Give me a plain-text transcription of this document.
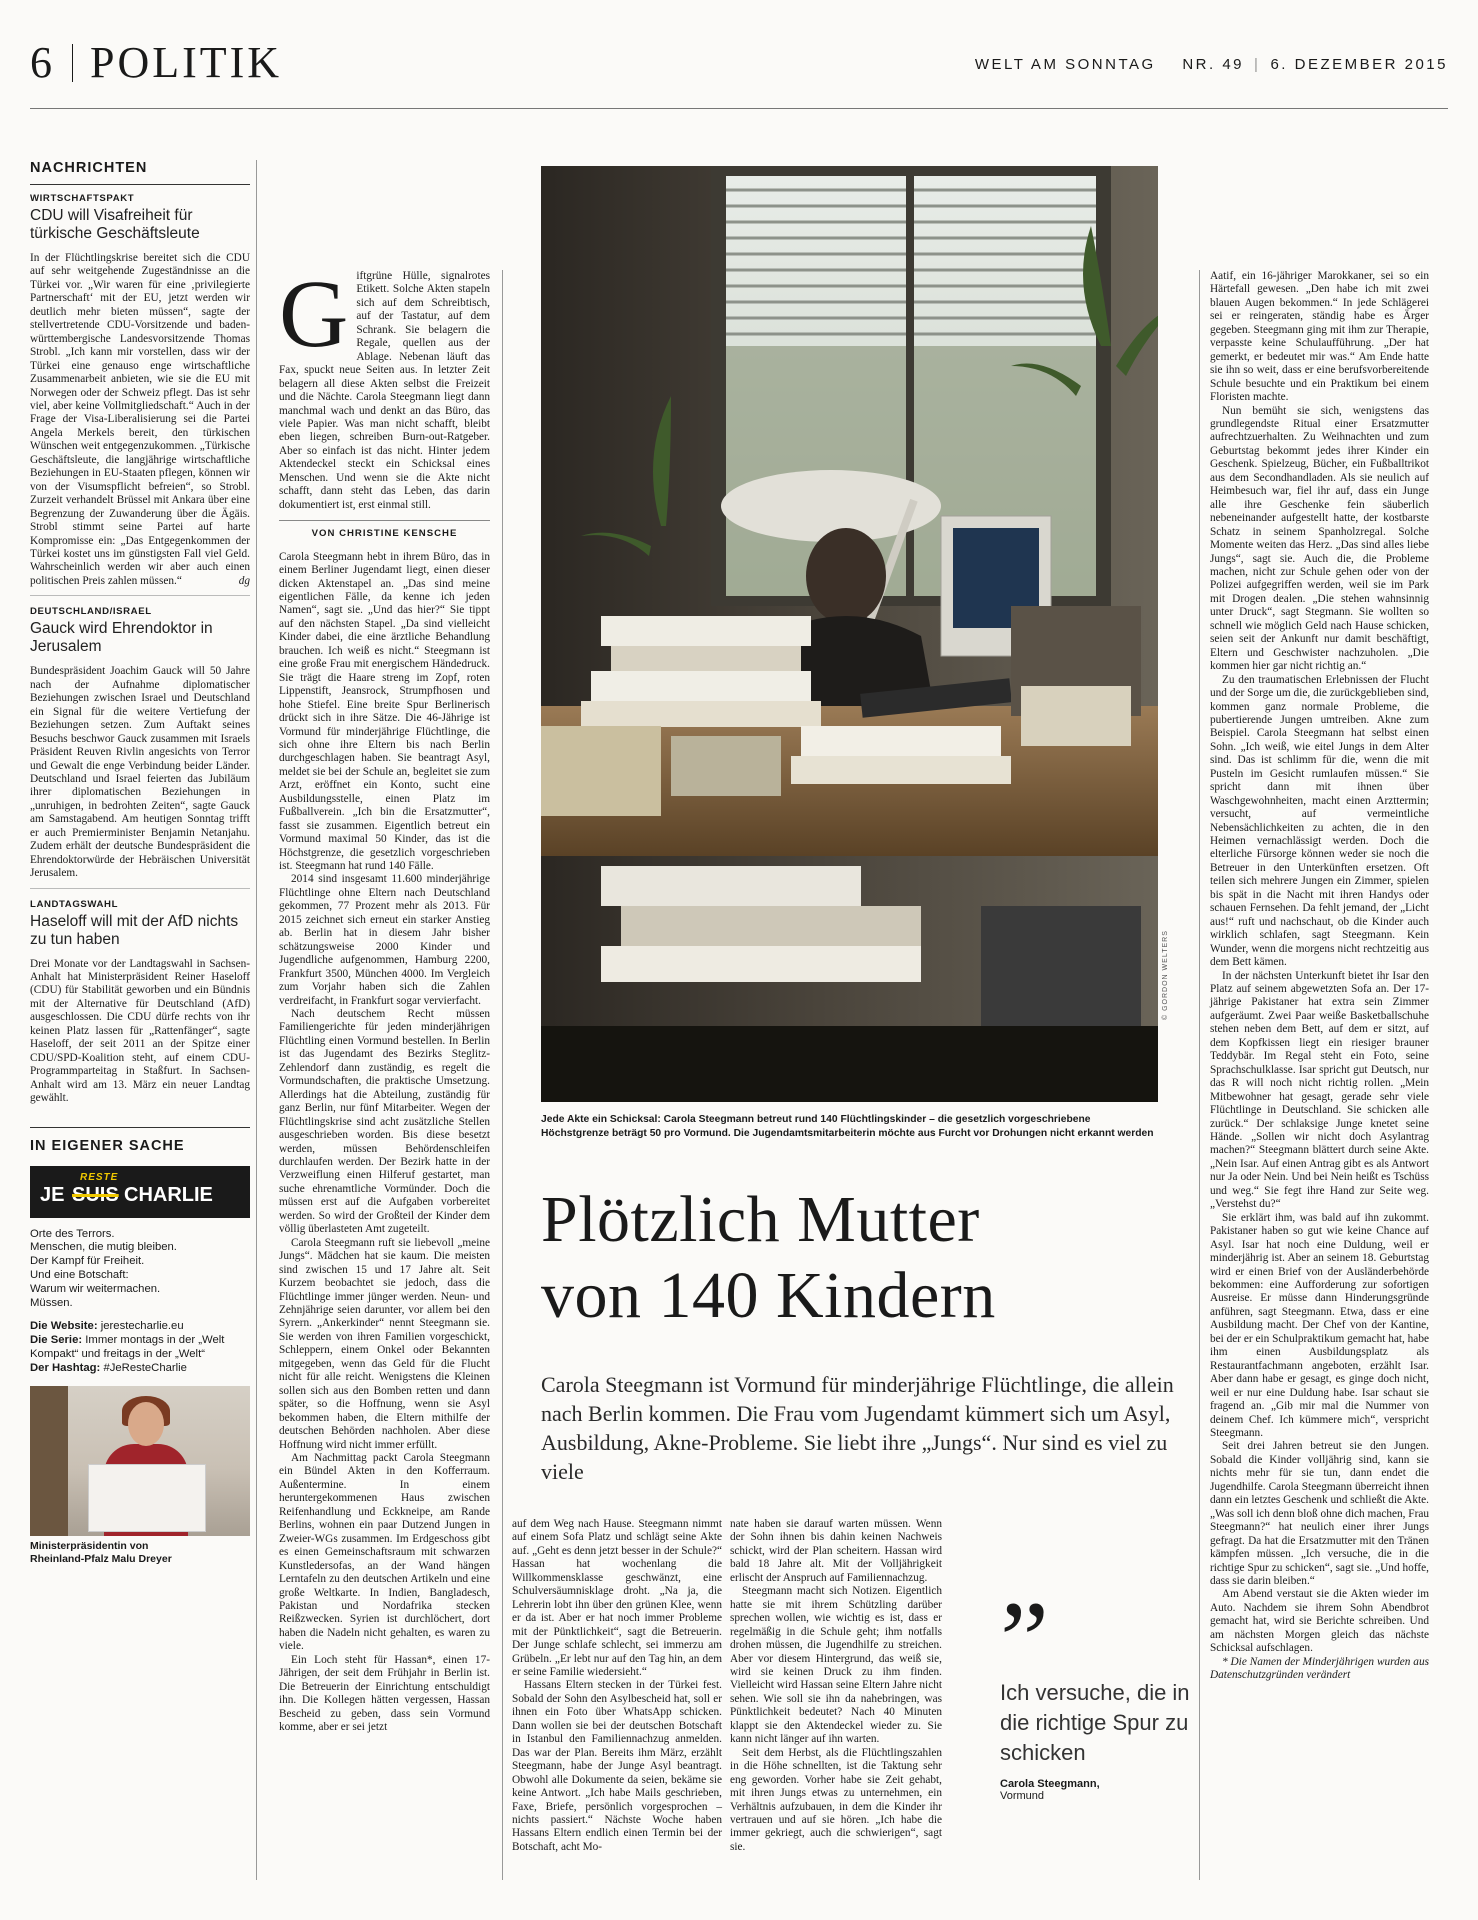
6 POLITIK	WELT AM SONNTAG NR. 49 | 6. DEZEMBER 2015
NACHRICHTEN
WIRTSCHAFTSPAKT
CDU will Visafreiheit für türkische Geschäftsleute

In der Flüchtlingskrise bereitet sich die CDU auf sehr weitgehende Zugeständnisse an die Türkei vor. „Wir waren für eine ‚privilegierte Partnerschaft‘ mit der EU, jetzt werden wir deutlich mehr bieten müssen“, sagte der stellvertretende CDU-Vorsitzende und baden-württembergische Landesvorsitzende Thomas Strobl. „Ich kann mir vorstellen, dass wir der Türkei eine genauso enge wirtschaftliche Zusammenarbeit anbieten, wie sie die EU mit Norwegen oder der Schweiz pflegt. Das ist sehr viel, aber keine Vollmitgliedschaft.“ Auch in der Frage der Visa-Liberalisierung sei die Partei Angela Merkels bereit, den türkischen Wünschen weit entgegenzukommen. „Türkische Geschäftsleute, die langjährige wirtschaftliche Beziehungen in EU-Staaten pflegen, können wir von der Visumspflicht befreien“, so Strobl. Zurzeit verhandelt Brüssel mit Ankara über eine Begrenzung der Zuwanderung über die Ägäis. Strobl stimmt seine Partei auf harte Kompromisse ein: „Das Entgegenkommen der Türkei kostet uns im günstigsten Fall viel Geld. Wahrscheinlich werden wir aber auch einen politischen Preis zahlen müssen.“	dg

DEUTSCHLAND/ISRAEL
Gauck wird Ehrendoktor in Jerusalem

Bundespräsident Joachim Gauck will 50 Jahre nach der Aufnahme diplomatischer Beziehungen zwischen Israel und Deutschland ein Signal für die weitere Vertiefung der Beziehungen setzen. Zum Auftakt seines Besuchs beschwor Gauck zusammen mit Israels Präsident Reuven Rivlin angesichts von Terror und Gewalt die enge Verbindung beider Länder. Deutschland und Israel feierten das Jubiläum ihrer diplomatischen Beziehungen in „unruhigen, in bedrohten Zeiten“, sagte Gauck am Samstagabend. Am heutigen Sonntag trifft er auch Premierminister Benjamin Netanjahu. Zudem erhält der deutsche Bundespräsident die Ehrendoktorwürde der Hebräischen Universität Jerusalem.

LANDTAGSWAHL
Haseloff will mit der AfD nichts zu tun haben

Drei Monate vor der Landtagswahl in Sachsen-Anhalt hat Ministerpräsident Reiner Haseloff (CDU) für Stabilität geworben und ein Bündnis mit der Alternative für Deutschland (AfD) ausgeschlossen. Die CDU dürfe rechts von ihr keinen Platz lassen für „Rattenfänger“, sagte Haseloff, der seit 2011 an der Spitze einer CDU/SPD-Koalition steht, auf einem CDU-Programmparteitag in Staßfurt. In Sachsen-Anhalt wird am 13. März ein neuer Landtag gewählt.

IN EIGENER SACHE
JE
RESTE
SUIS CHARLIE
Orte des Terrors.
Menschen, die mutig bleiben.
Der Kampf für Freiheit.
Und eine Botschaft:
Warum wir weitermachen.
Müssen.
Die Website: jerestecharlie.eu
Die Serie: Immer montags in der „Welt Kompakt“ und freitags in der „Welt“
Der Hashtag: #JeResteCharlie
Ministerpräsidentin von
Rheinland-Pfalz Malu Dreyer
G iftgrüne Hülle, signalrotes Etikett. Solche Akten stapeln sich auf dem Schreibtisch, auf der Tastatur, auf dem Schrank. Sie belagern die Regale, quellen aus der Ablage. Nebenan läuft das Fax, spuckt neue Seiten aus. In letzter Zeit belagern all diese Akten selbst die Freizeit und die Nächte. Carola Steegmann liegt dann manchmal wach und denkt an das Büro, das viele Papier. Was man nicht schafft, bleibt eben liegen, schreiben Burn-out-Ratgeber. Aber so einfach ist das nicht. Hinter jedem Aktendeckel steckt ein Schicksal eines Menschen. Und wenn sie die Akte nicht schafft, dann steht das Leben, das darin dokumentiert ist, erst einmal still.
VON CHRISTINE KENSCHE

Carola Steegmann hebt in ihrem Büro, das in einem Berliner Jugendamt liegt, einen dieser dicken Aktenstapel an. „Das sind meine eigentlichen Fälle, da kenne ich jeden Namen“, sagt sie. „Und das hier?“ Sie tippt auf den nächsten Stapel. „Da sind vielleicht Kinder dabei, die eine ärztliche Behandlung brauchen. Ich weiß es nicht.“ Steegmann ist eine große Frau mit energischem Händedruck. Sie trägt die Haare streng im Zopf, roten Lippenstift, Jeansrock, Strumpfhosen und hohe Stiefel. Eine breite Spur Berlinerisch drückt sich in ihre Sätze. Die 46-Jährige ist Vormund für minderjährige Flüchtlinge, die sich ohne ihre Eltern bis nach Berlin durchgeschlagen haben. Sie beantragt Asyl, meldet sie bei der Schule an, begleitet sie zum Arzt, eröffnet ein Konto, sucht eine Ausbildungsstelle, einen Platz im Fußballverein. „Ich bin die Ersatzmutter“, fasst sie zusammen. Eigentlich betreut ein Vormund maximal 50 Kinder, das ist die Höchstgrenze, die gesetzlich vorgeschrieben ist. Steegmann hat rund 140 Fälle.

2014 sind insgesamt 11.600 minderjährige Flüchtlinge ohne Eltern nach Deutschland gekommen, 77 Prozent mehr als 2013. Für 2015 zeichnet sich erneut ein starker Anstieg ab. Berlin hat in diesem Jahr bisher schätzungsweise 2000 Kinder und Jugendliche aufgenommen, Hamburg 2200, Frankfurt 3500, München 4000. Im Vergleich zum Vorjahr haben sich die Zahlen verdreifacht, in Frankfurt sogar vervierfacht.

Nach deutschem Recht müssen Familiengerichte für jeden minderjährigen Flüchtling einen Vormund bestellen. In Berlin ist das Jugendamt des Bezirks Steglitz-Zehlendorf dann zuständig, es regelt die Vormundschaften, die praktische Umsetzung. Allerdings hat die Abteilung, zuständig für ganz Berlin, nur fünf Mitarbeiter. Wegen der Flüchtlingskrise sind acht zusätzliche Stellen ausgeschrieben worden. Bis diese besetzt werden, müssen Behördenschleifen durchlaufen werden. Der Bezirk hatte in der Verzweiflung einen Hilferuf gestartet, man suche ehrenamtliche Vormünder. Doch die müssen erst auf die Aufgaben vorbereitet werden. So wird der Großteil der Kinder dem völlig überlasteten Amt zugeteilt.

Carola Steegmann ruft sie liebevoll „meine Jungs“. Mädchen hat sie kaum. Die meisten sind zwischen 15 und 17 Jahre alt. Seit Kurzem beobachtet sie jedoch, dass die Flüchtlinge immer jünger werden. Neun- und Zehnjährige seien darunter, vor allem bei den Syrern. „Ankerkinder“ nennt Steegmann sie. Sie werden von ihren Familien vorgeschickt, Schleppern, einem Onkel oder Bekannten mitgegeben, wenn das Geld für die Flucht nicht für alle reicht. Wenigstens die Kleinen sollen sich aus den Bomben retten und dann später, so die Hoffnung, wenn sie Asyl bekommen haben, die Eltern mithilfe der deutschen Behörden nachholen. Aber diese Hoffnung wird nicht immer erfüllt.

Am Nachmittag packt Carola Steegmann ein Bündel Akten in den Kofferraum. Außentermine. In einem heruntergekommenen Haus zwischen Reifenhandlung und Eckkneipe, am Rande Berlins, wohnen ein paar Dutzend Jungen in Zweier-WGs zusammen. Im Erdgeschoss gibt es einen Gemeinschaftsraum mit schwarzen Kunstledersofas, an der Wand hängen Lerntafeln zu den deutschen Artikeln und eine große Weltkarte. In Indien, Bangladesch, Pakistan und Nordafrika stecken Reißzwecken. Syrien ist durchlöchert, dort haben die Nadeln nicht gehalten, es waren zu viele.

Ein Loch steht für Hassan*, einen 17-Jährigen, der seit dem Frühjahr in Berlin ist. Die Betreuerin der Einrichtung entschuldigt ihn. Die Kollegen hätten vergessen, Hassan Bescheid zu geben, dass sein Vormund komme, aber er sei jetzt

© GORDON WELTERS
Jede Akte ein Schicksal: Carola Steegmann betreut rund 140 Flüchtlingskinder – die gesetzlich vorgeschriebene Höchstgrenze beträgt 50 pro Vormund. Die Jugendamtsmitarbeiterin möchte aus Furcht vor Drohungen nicht erkannt werden
Plötzlich Mutter
von 140 Kindern
Carola Steegmann ist Vormund für minderjährige Flüchtlinge, die allein nach Berlin kommen. Die Frau vom Jugendamt kümmert sich um Asyl, Ausbildung, Akne-Probleme. Sie liebt ihre „Jungs“. Nur sind es viel zu viele

auf dem Weg nach Hause. Steegmann nimmt auf einem Sofa Platz und schlägt seine Akte auf. „Geht es denn jetzt besser in der Schule?“ Hassan hat wochenlang die Willkommensklasse geschwänzt, eine Schulversäumnisklage droht. „Na ja, die Lehrerin lobt ihn über den grünen Klee, wenn er da ist. Aber er hat noch immer Probleme mit der Pünktlichkeit“, sagt die Betreuerin. Der Junge schlafe schlecht, sei immerzu am Grübeln. „Er lebt nur auf den Tag hin, an dem er seine Familie wiedersieht.“

Hassans Eltern stecken in der Türkei fest. Sobald der Sohn den Asylbescheid hat, soll er ihnen ein Foto über WhatsApp schicken. Dann wollen sie bei der deutschen Botschaft in Istanbul den Familiennachzug anmelden. Das war der Plan. Bereits ihm März, erzählt Steegmann, habe der Junge Asyl beantragt. Obwohl alle Dokumente da seien, bekäme sie keine Antwort. „Ich habe Mails geschrieben, Faxe, Briefe, persönlich vorgesprochen – nichts passiert.“ Nächste Woche haben Hassans Eltern endlich einen Termin bei der Botschaft, acht Mo-

nate haben sie darauf warten müssen. Wenn der Sohn ihnen bis dahin keinen Nachweis schickt, wird der Plan scheitern. Hassan wird bald 18 Jahre alt. Mit der Volljährigkeit erlischt der Anspruch auf Familiennachzug.

Steegmann macht sich Notizen. Eigentlich hatte sie mit ihrem Schützling darüber sprechen wollen, wie wichtig es ist, dass er regelmäßig in die Schule geht; ihm notfalls drohen müssen, die Jugendhilfe zu streichen. Aber vor diesem Hintergrund, das weiß sie, wird sie keinen Druck zu ihm finden. Vielleicht wird Hassan seine Eltern Jahre nicht sehen. Wie soll sie ihn da nahebringen, was Pünktlichkeit bedeutet? Nach 40 Minuten klappt sie den Aktendeckel wieder zu. Sie kann nicht länger auf ihn warten.

Seit dem Herbst, als die Flüchtlingszahlen in die Höhe schnellten, ist die Taktung sehr eng geworden. Vorher habe sie Zeit gehabt, mit ihren Jungs etwas zu unternehmen, ein Verhältnis aufzubauen, in dem die Kinder ihr vertrauen und auf sie hören. „Ich habe die immer gekriegt, auch die schwierigen“, sagt sie.

”
Ich versuche, die in die richtige Spur zu schicken
Carola Steegmann,
Vormund

Aatif, ein 16-jähriger Marokkaner, sei so ein Härtefall gewesen. „Den habe ich mit zwei blauen Augen bekommen.“ In jede Schlägerei sei er reingeraten, ständig habe es Ärger gegeben. Steegmann ging mit ihm zur Therapie, verpasste keine Schulaufführung. „Der hat gemerkt, er bedeutet mir was.“ Am Ende hatte sie ihn so weit, dass er eine berufsvorbereitende Schule besuchte und ein Praktikum bei einem Floristen machte.

Nun bemüht sie sich, wenigstens das grundlegendste Ritual einer Ersatzmutter aufrechtzuerhalten. Zu Weihnachten und zum Geburtstag bekommt jedes ihrer Kinder ein Geschenk. Spielzeug, Bücher, ein Fußballtrikot aus dem Secondhandladen. Als sie neulich auf Heimbesuch war, fiel ihr auf, dass ein Junge alle ihre Geschenke fein säuberlich nebeneinander aufgestellt hatte, der kostbarste Schatz in seinem Spanholzregal. Solche Momente weiten das Herz. „Das sind alles liebe Jungs“, sagt sie. Auch die, die Probleme machen, nicht zur Schule gehen oder von der Polizei aufgegriffen werden, weil sie im Park mit Drogen dealen. „Die stehen wahnsinnig unter Druck“, sagt Stegmann. Sie wollten so schnell wie möglich Geld nach Hause schicken, seien seit der Ankunft nur damit beschäftigt, Eltern und Geschwister nachzuholen. „Die kommen hier gar nicht richtig an.“

Zu den traumatischen Erlebnissen der Flucht und der Sorge um die, die zurückgeblieben sind, kommen ganz normale Probleme, die pubertierende Jungen umtreiben. Akne zum Beispiel. Carola Steegmann hat selbst einen Sohn. „Ich weiß, wie eitel Jungs in dem Alter sind. Das ist schlimm für die, wenn die mit Pusteln im Gesicht rumlaufen müssen.“ Sie spricht dann mit ihnen über Waschgewohnheiten, macht einen Arzttermin; versucht, auf vermeintliche Nebensächlichkeiten zu achten, die in den Heimen vernachlässigt werden. Doch die elterliche Fürsorge können weder sie noch die Betreuer in den Unterkünften ersetzen. Oft teilen sich mehrere Jungen ein Zimmer, spielen bis spät in die Nacht mit ihren Handys oder schauen Fernsehen. Da fehlt jemand, der „Licht aus!“ ruft und nachschaut, ob die Kinder auch wirklich schlafen, sagt Steegmann. Kein Wunder, wenn die morgens nicht rechtzeitig aus dem Bett kämen.

In der nächsten Unterkunft bietet ihr Isar den Platz auf seinem abgewetzten Sofa an. Der 17-jährige Pakistaner hat extra sein Zimmer aufgeräumt. Zwei Paar weiße Basketballschuhe stehen neben dem Bett, auf dem er sitzt, auf dem Kopfkissen liegt ein riesiger brauner Teddybär. Im Regal steht ein Foto, seine Sprachschulklasse. Isar spricht gut Deutsch, nur das R will noch nicht richtig rollen. „Mein Mitbewohner hat gesagt, gerade sehr viele Flüchtlinge in Deutschland. Sie schicken alle zurück.“ Der schlaksige Junge knetet seine Hände. „Sollen wir nicht doch Asylantrag machen?“ Steegmann blättert durch seine Akte. „Nein Isar. Auf einen Antrag gibt es als Antwort nur Ja oder Nein. Und bei Nein heißt es Tschüss und weg.“ Sie fegt ihre Hand zur Seite weg. „Verstehst du?“

Sie erklärt ihm, was bald auf ihn zukommt. Pakistaner haben so gut wie keine Chance auf Asyl. Isar hat noch eine Duldung, weil er minderjährig ist. Aber an seinem 18. Geburtstag wird er einen Brief von der Ausländerbehörde bekommen: eine Aufforderung zur sofortigen Ausreise. Er müsse dann Hinderungsgründe anführen, sagt Steegmann. Etwa, dass er eine Ausbildung macht. Der Chef von der Kantine, bei der er ein Schulpraktikum gemacht hat, habe ihm einen Ausbildungsplatz als Restaurantfachmann angeboten, erzählt Isar. Aber dann habe er gesagt, es ginge doch nicht, weil er nur eine Duldung habe. Isar schaut sie fragend an. „Gib mir mal die Nummer von deinem Chef. Ich kümmere mich“, verspricht Steegmann.

Seit drei Jahren betreut sie den Jungen. Sobald die Kinder volljährig sind, kann sie nichts mehr für sie tun, dann endet die Jugendhilfe. Carola Steegmann überreicht ihnen dann ein letztes Geschenk und schließt die Akte. „Was soll ich denn bloß ohne dich machen, Frau Steegmann?“ hat neulich einer ihrer Jungs gefragt. Da hat die Ersatzmutter mit den Tränen kämpfen müssen. „Ich versuche, die in die richtige Spur zu schicken“, sagt sie. „Und hoffe, dass sie darin bleiben.“

Am Abend verstaut sie die Akten wieder im Auto. Nachdem sie ihrem Sohn Abendbrot gemacht hat, wird sie Berichte schreiben. Und am nächsten Morgen gleich das nächste Schicksal aufschlagen.

* Die Namen der Minderjährigen wurden aus Datenschutzgründen verändert
